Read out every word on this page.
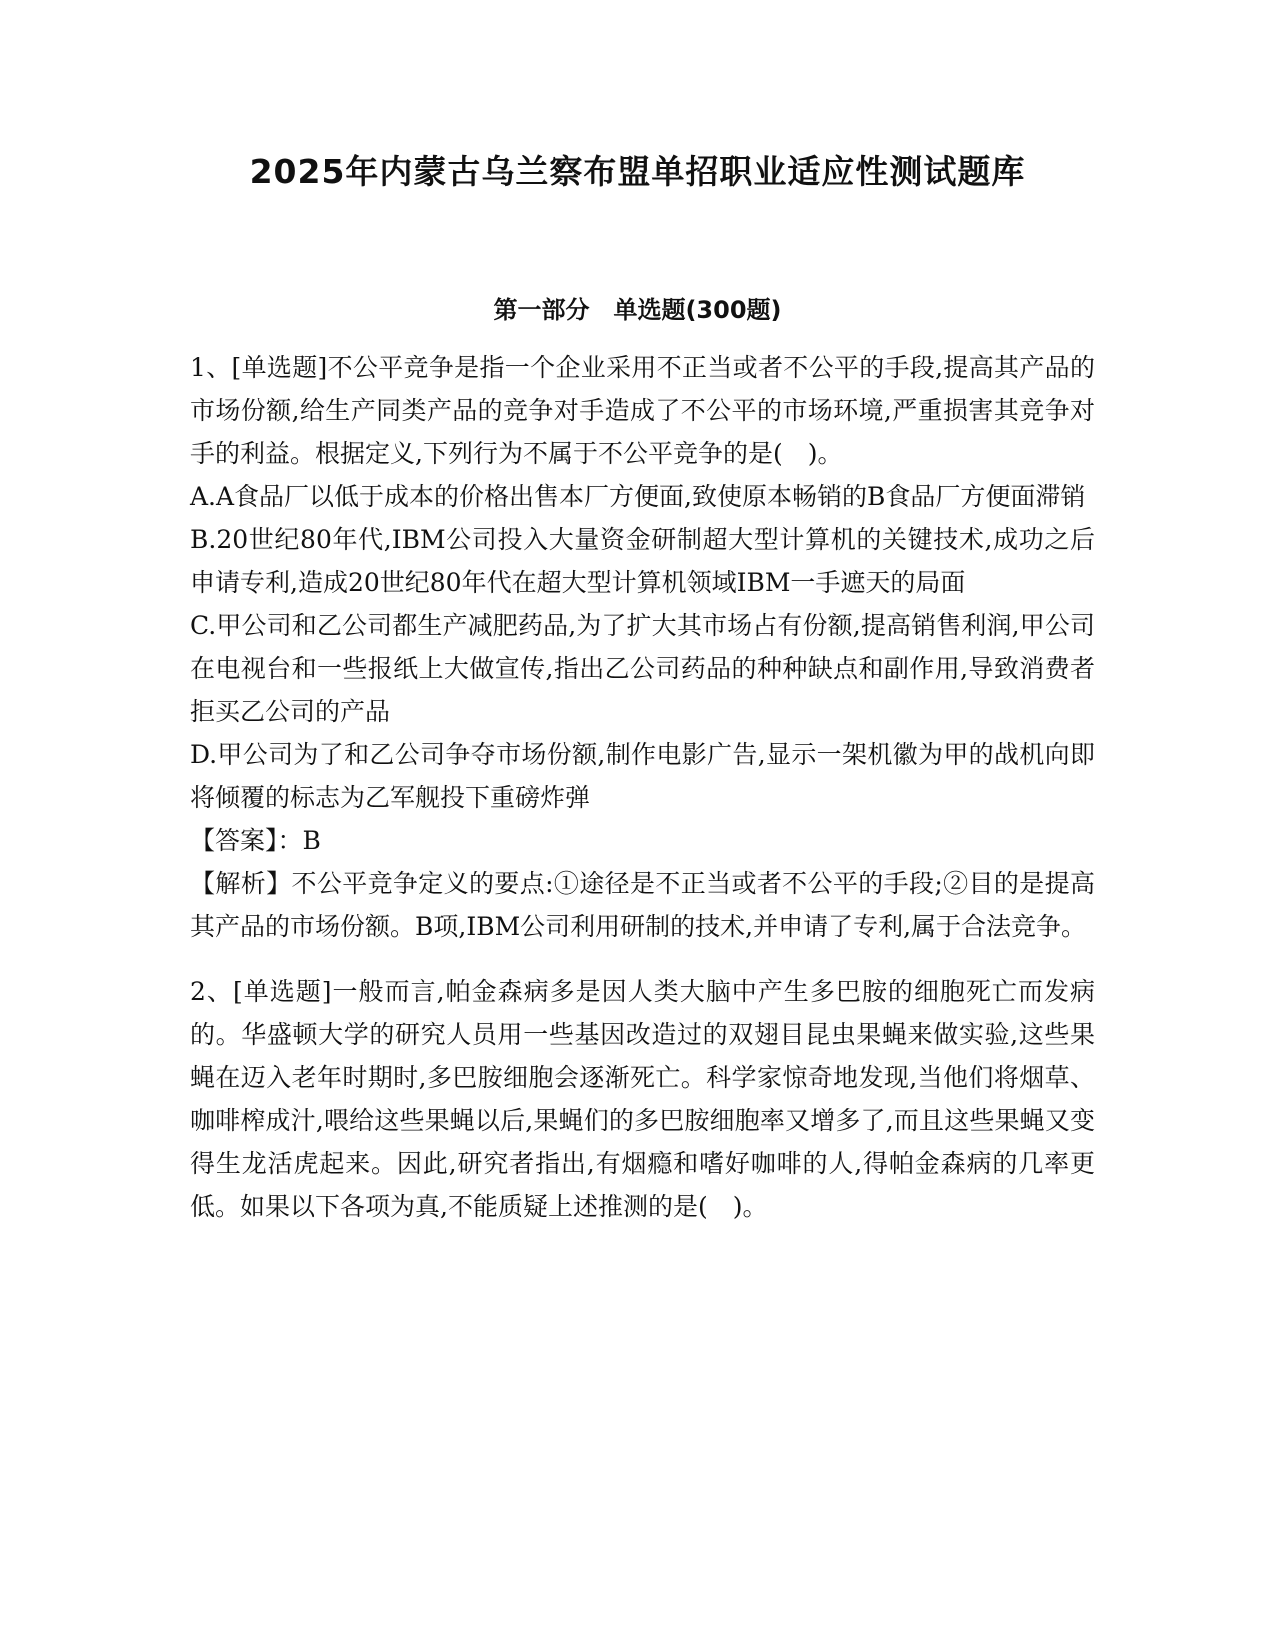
2025年内蒙古乌兰察布盟单招职业适应性测试题库
第一部分　单选题(300题)

1、[单选题]不公平竞争是指一个企业采用不正当或者不公平的手段,提高其产品的市场份额,给生产同类产品的竞争对手造成了不公平的市场环境,严重损害其竞争对手的利益。根据定义,下列行为不属于不公平竞争的是(　)。

A.A食品厂以低于成本的价格出售本厂方便面,致使原本畅销的B食品厂方便面滞销

B.20世纪80年代,IBM公司投入大量资金研制超大型计算机的关键技术,成功之后申请专利,造成20世纪80年代在超大型计算机领域IBM一手遮天的局面

C.甲公司和乙公司都生产减肥药品,为了扩大其市场占有份额,提高销售利润,甲公司在电视台和一些报纸上大做宣传,指出乙公司药品的种种缺点和副作用,导致消费者拒买乙公司的产品

D.甲公司为了和乙公司争夺市场份额,制作电影广告,显示一架机徽为甲的战机向即将倾覆的标志为乙军舰投下重磅炸弹

【答案】：B

【解析】不公平竞争定义的要点:①途径是不正当或者不公平的手段;②目的是提高其产品的市场份额。B项,IBM公司利用研制的技术,并申请了专利,属于合法竞争。

2、[单选题]一般而言,帕金森病多是因人类大脑中产生多巴胺的细胞死亡而发病的。华盛顿大学的研究人员用一些基因改造过的双翅目昆虫果蝇来做实验,这些果蝇在迈入老年时期时,多巴胺细胞会逐渐死亡。科学家惊奇地发现,当他们将烟草、咖啡榨成汁,喂给这些果蝇以后,果蝇们的多巴胺细胞率又增多了,而且这些果蝇又变得生龙活虎起来。因此,研究者指出,有烟瘾和嗜好咖啡的人,得帕金森病的几率更低。如果以下各项为真,不能质疑上述推测的是(　)。
